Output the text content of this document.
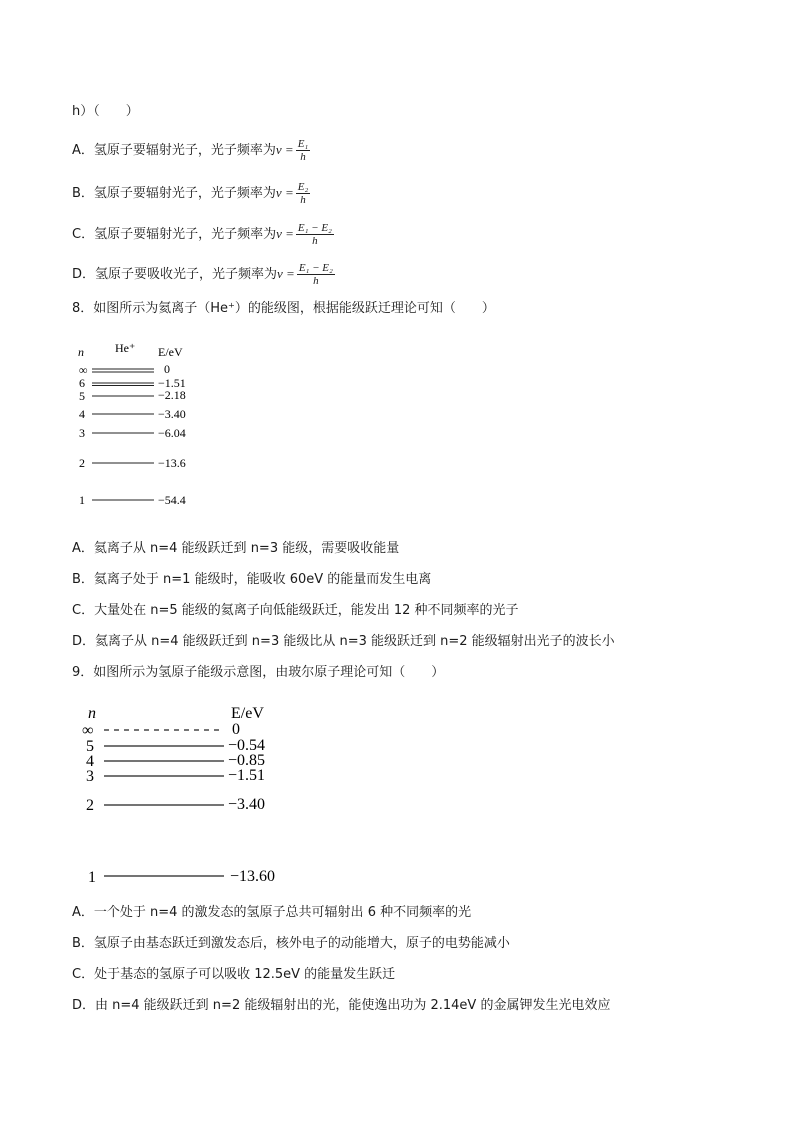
h）（　　）
A．氢原子要辐射光子，光子频率为$\nu = \frac{\text{E₁}}{h}$
B．氢原子要辐射光子，光子频率为$\nu = \frac{\text{E₂}}{h}$
C．氢原子要辐射光子，光子频率为$\nu = \frac{\text{E₁ − E₂}}{h}$
D．氢原子要吸收光子，光子频率为$\nu = \frac{\text{E₁ − E₂}}{h}$
8．如图所示为氦离子（He⁺）的能级图，根据能级跃迁理论可知（　　）
n	He⁺ E/eV
∞
6
5
4
3
2
1
0
−1.51
−2.18
−3.40
−6.04
−13.6
−54.4
A．氦离子从 n=4 能级跃迁到 n=3 能级，需要吸收能量
B．氦离子处于 n=1 能级时，能吸收 60eV 的能量而发生电离
C．大量处在 n=5 能级的氦离子向低能级跃迁，能发出 12 种不同频率的光子
D．氦离子从 n=4 能级跃迁到 n=3 能级比从 n=3 能级跃迁到 n=2 能级辐射出光子的波长小
9．如图所示为氢原子能级示意图，由玻尔原子理论可知（　　）
n	E/eV
∞
5
4
3
2
1
0
−0.54
−0.85
−1.51
−3.40
−13.60
A．一个处于 n=4 的激发态的氢原子总共可辐射出 6 种不同频率的光
B．氢原子由基态跃迁到激发态后，核外电子的动能增大，原子的电势能减小
C．处于基态的氢原子可以吸收 12.5eV 的能量发生跃迁
D．由 n=4 能级跃迁到 n=2 能级辐射出的光，能使逸出功为 2.14eV 的金属钾发生光电效应
